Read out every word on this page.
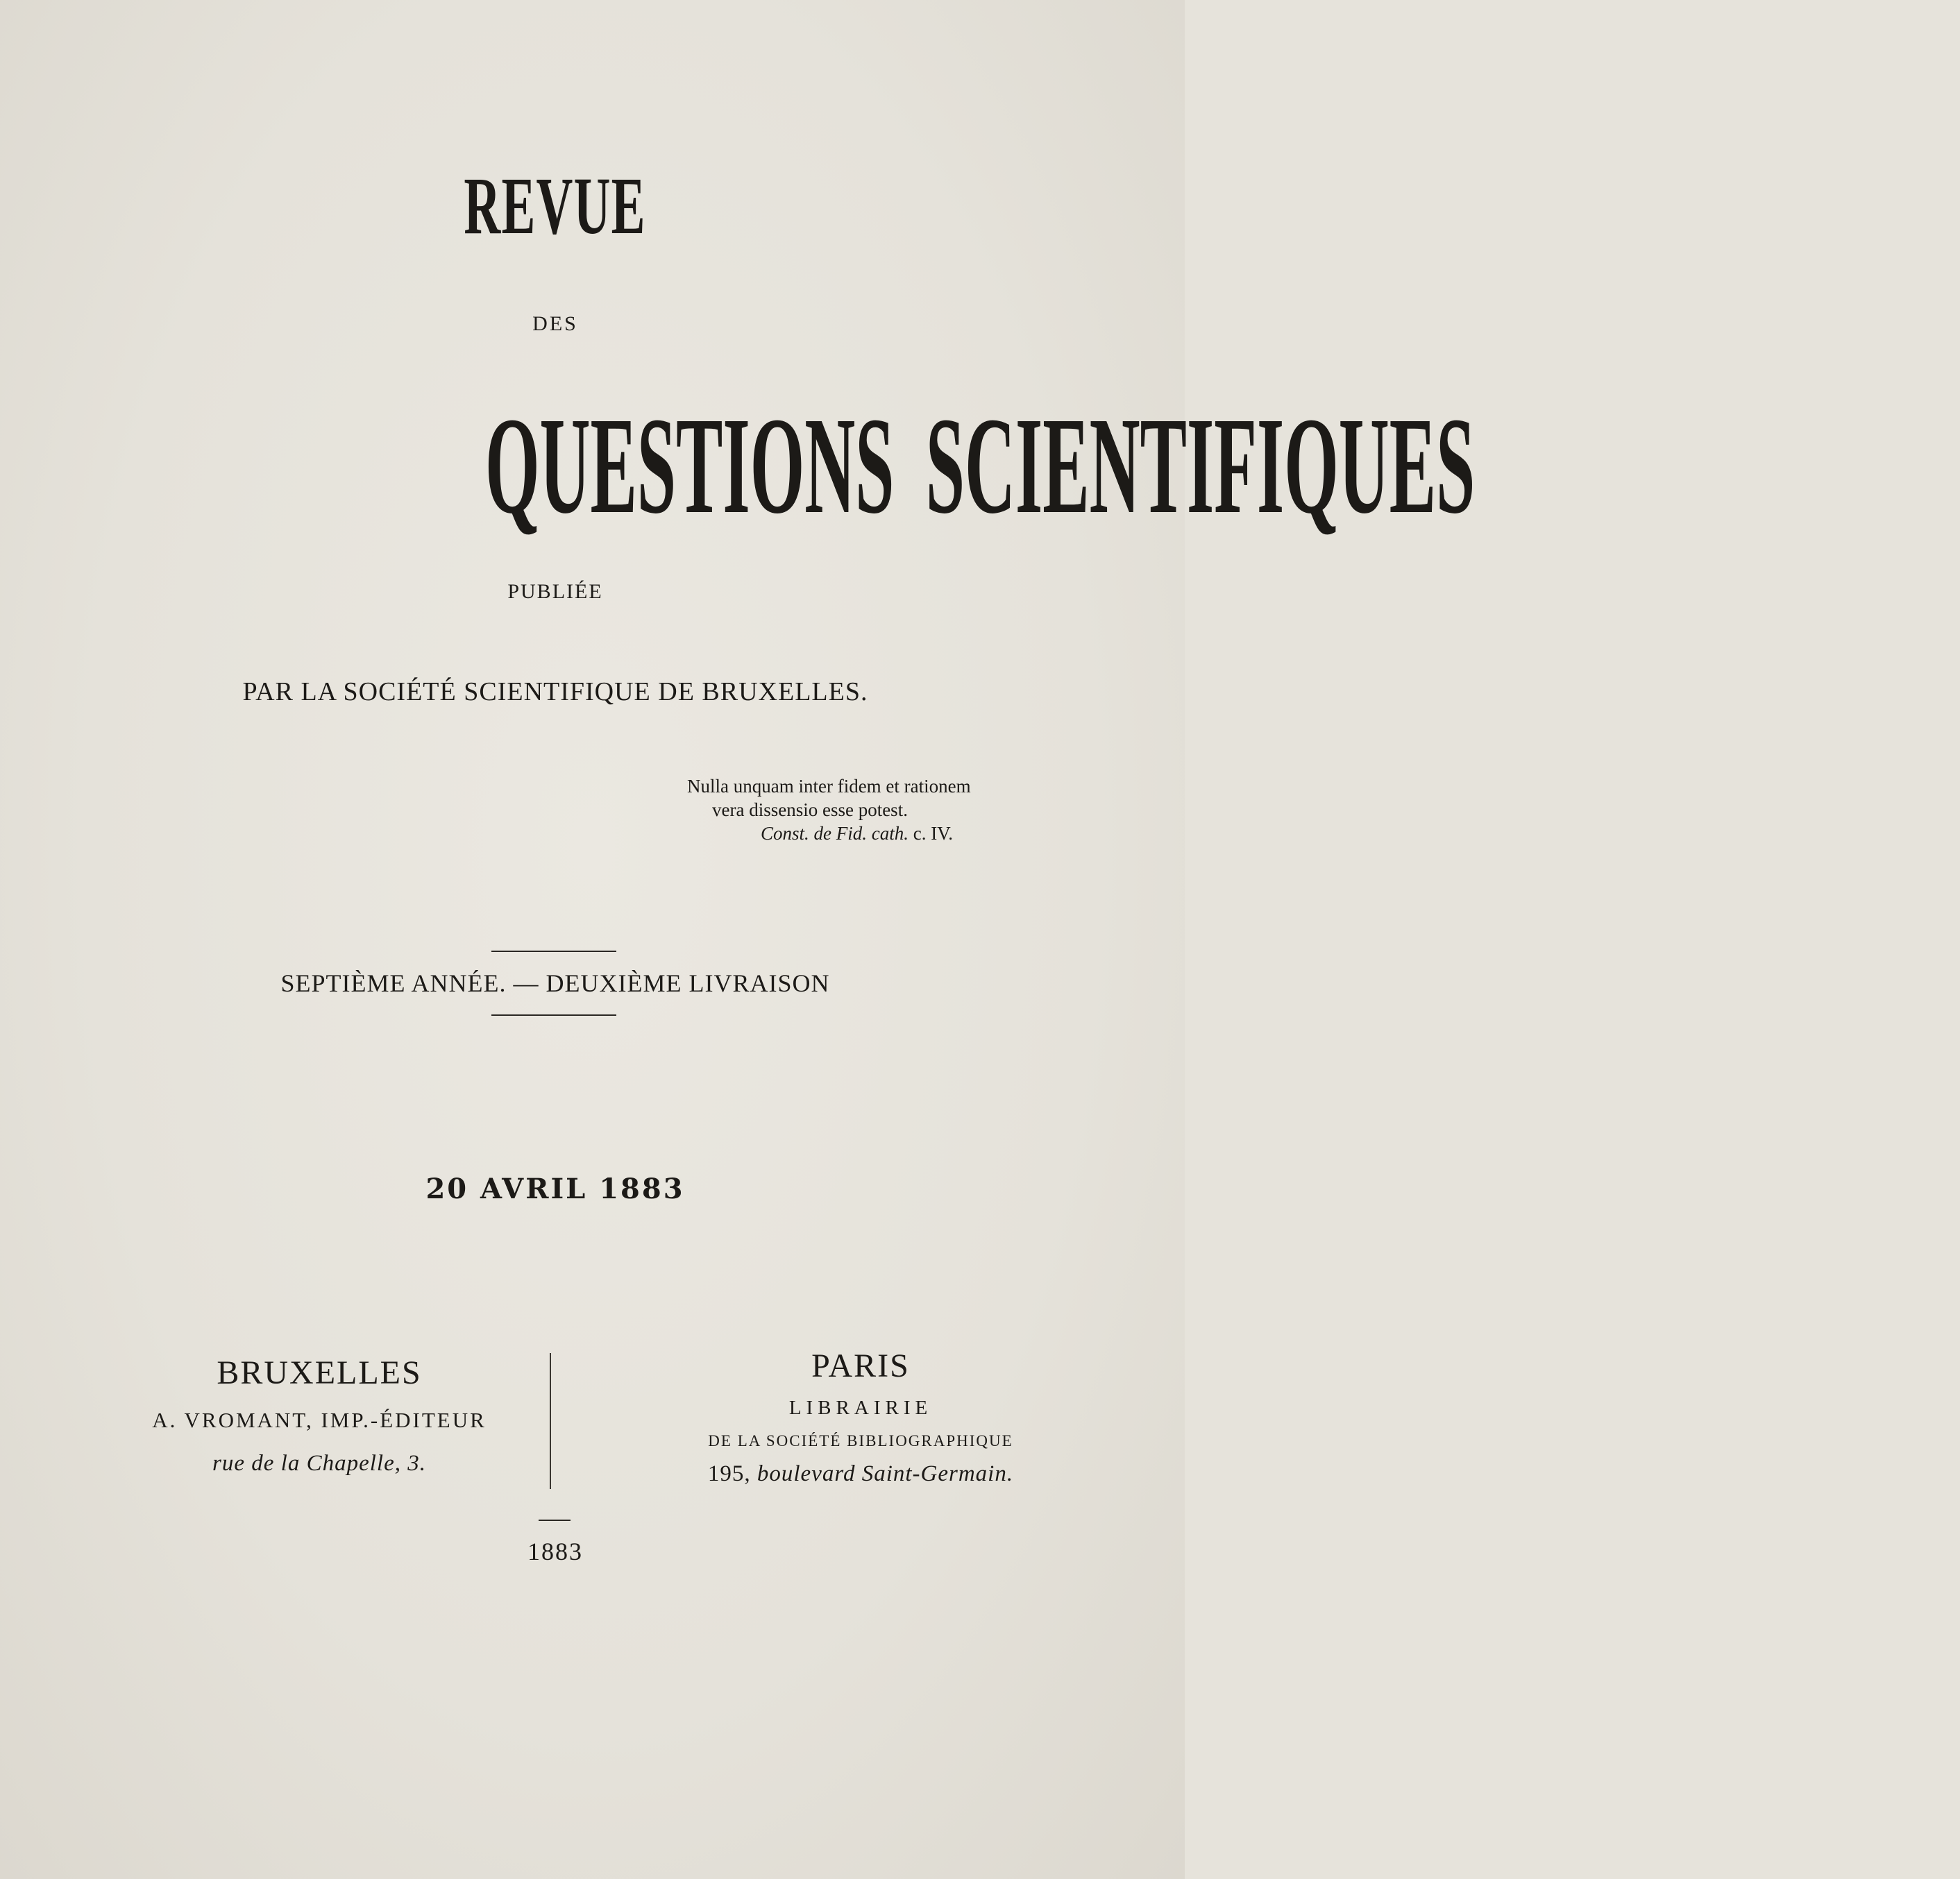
REVUE
DES
QUESTIONS SCIENTIFIQUES
PUBLIÉE
PAR LA SOCIÉTÉ SCIENTIFIQUE DE BRUXELLES.
Nulla unquam inter fidem et rationem
vera dissensio esse potest.
Const. de Fid. cath. c. IV.
SEPTIÈME ANNÉE. — DEUXIÈME LIVRAISON
20 AVRIL 1883
BRUXELLES
A. VROMANT, IMP.-ÉDITEUR
rue de la Chapelle, 3.
PARIS
LIBRAIRIE
DE LA SOCIÉTÉ BIBLIOGRAPHIQUE
195, boulevard Saint-Germain.
1883
